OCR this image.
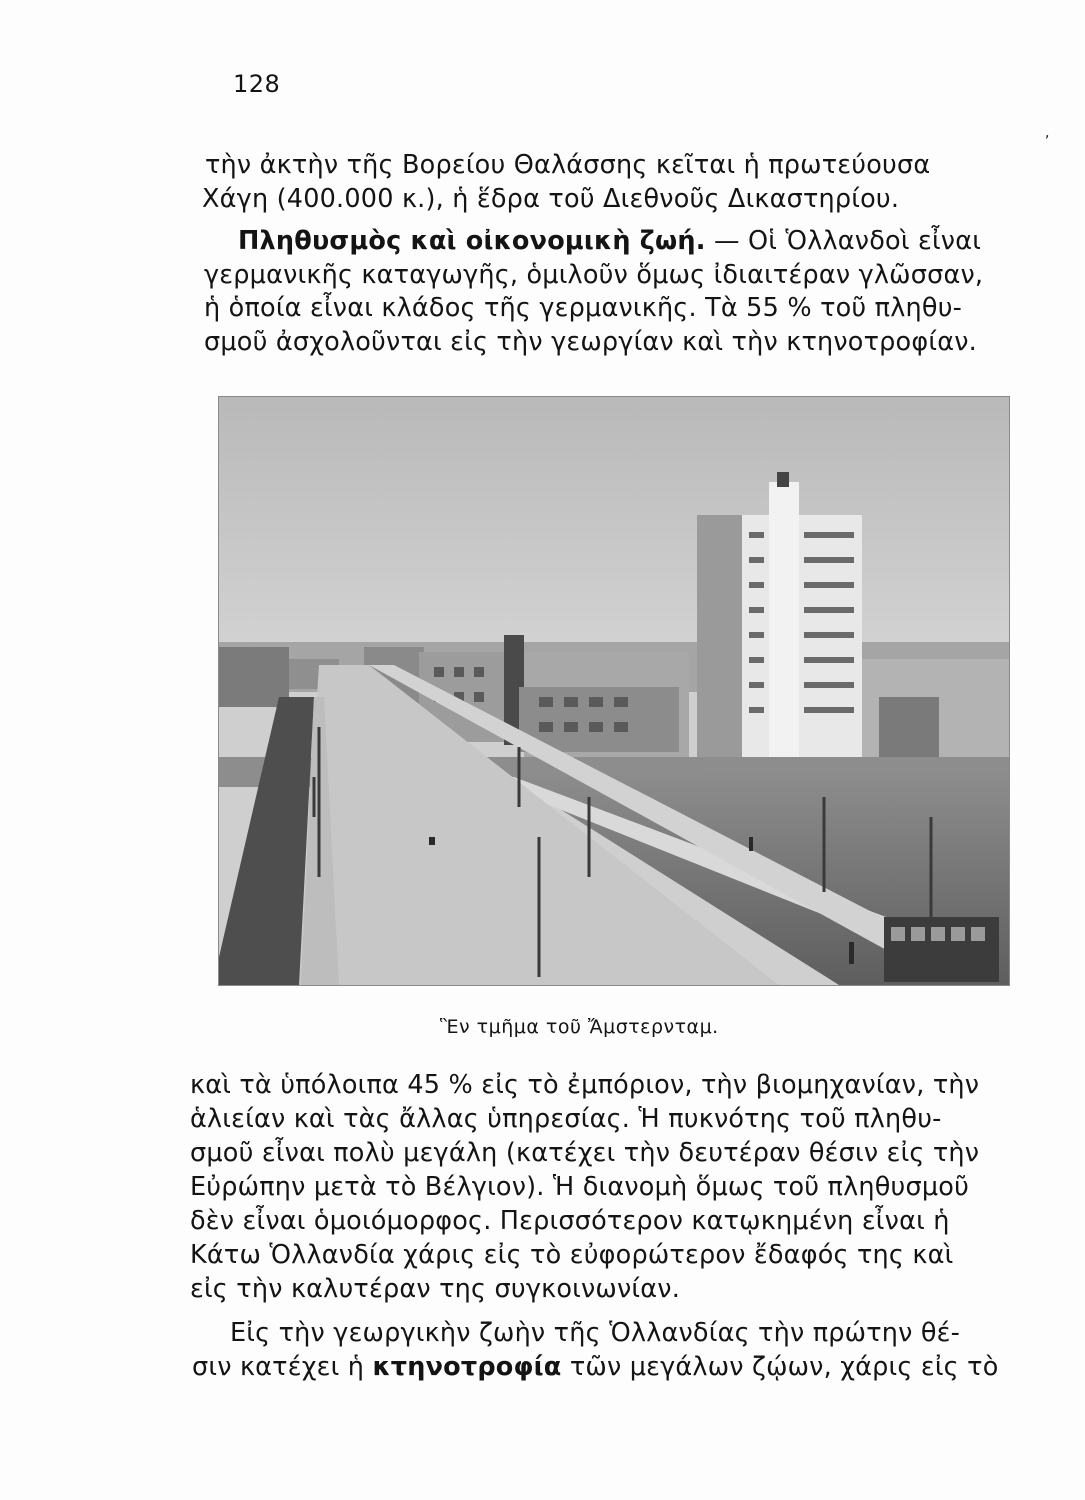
128
,
τὴν ἀκτὴν τῆς Βορείου Θαλάσσης κεῖται ἡ πρωτεύουσα
Χάγη (400.000 κ.), ἡ ἕδρα τοῦ Διεθνοῦς Δικαστηρίου.
Πληθυσμὸς καὶ οἰκονομικὴ ζωή. — Οἱ Ὁλλανδοὶ εἶναι
γερμανικῆς καταγωγῆς, ὁμιλοῦν ὅμως ἰδιαιτέραν γλῶσσαν,
ἡ ὁποία εἶναι κλάδος τῆς γερμανικῆς. Τὰ 55 % τοῦ πληθυ-
σμοῦ ἀσχολοῦνται εἰς τὴν γεωργίαν καὶ τὴν κτηνοτροφίαν.
Ἓν τμῆμα τοῦ Ἄμστερνταμ.
καὶ τὰ ὑπόλοιπα 45 % εἰς τὸ ἐμπόριον, τὴν βιομηχανίαν, τὴν
ἁλιείαν καὶ τὰς ἄλλας ὑπηρεσίας. Ἡ πυκνότης τοῦ πληθυ-
σμοῦ εἶναι πολὺ μεγάλη (κατέχει τὴν δευτέραν θέσιν εἰς τὴν
Εὐρώπην μετὰ τὸ Βέλγιον). Ἡ διανομὴ ὅμως τοῦ πληθυσμοῦ
δὲν εἶναι ὁμοιόμορφος. Περισσότερον κατῳκημένη εἶναι ἡ
Κάτω Ὁλλανδία χάρις εἰς τὸ εὐφορώτερον ἔδαφός της καὶ
εἰς τὴν καλυτέραν της συγκοινωνίαν.
Εἰς τὴν γεωργικὴν ζωὴν τῆς Ὁλλανδίας τὴν πρώτην θέ-
σιν κατέχει ἡ κτηνοτροφία τῶν μεγάλων ζῴων, χάρις εἰς τὸ
